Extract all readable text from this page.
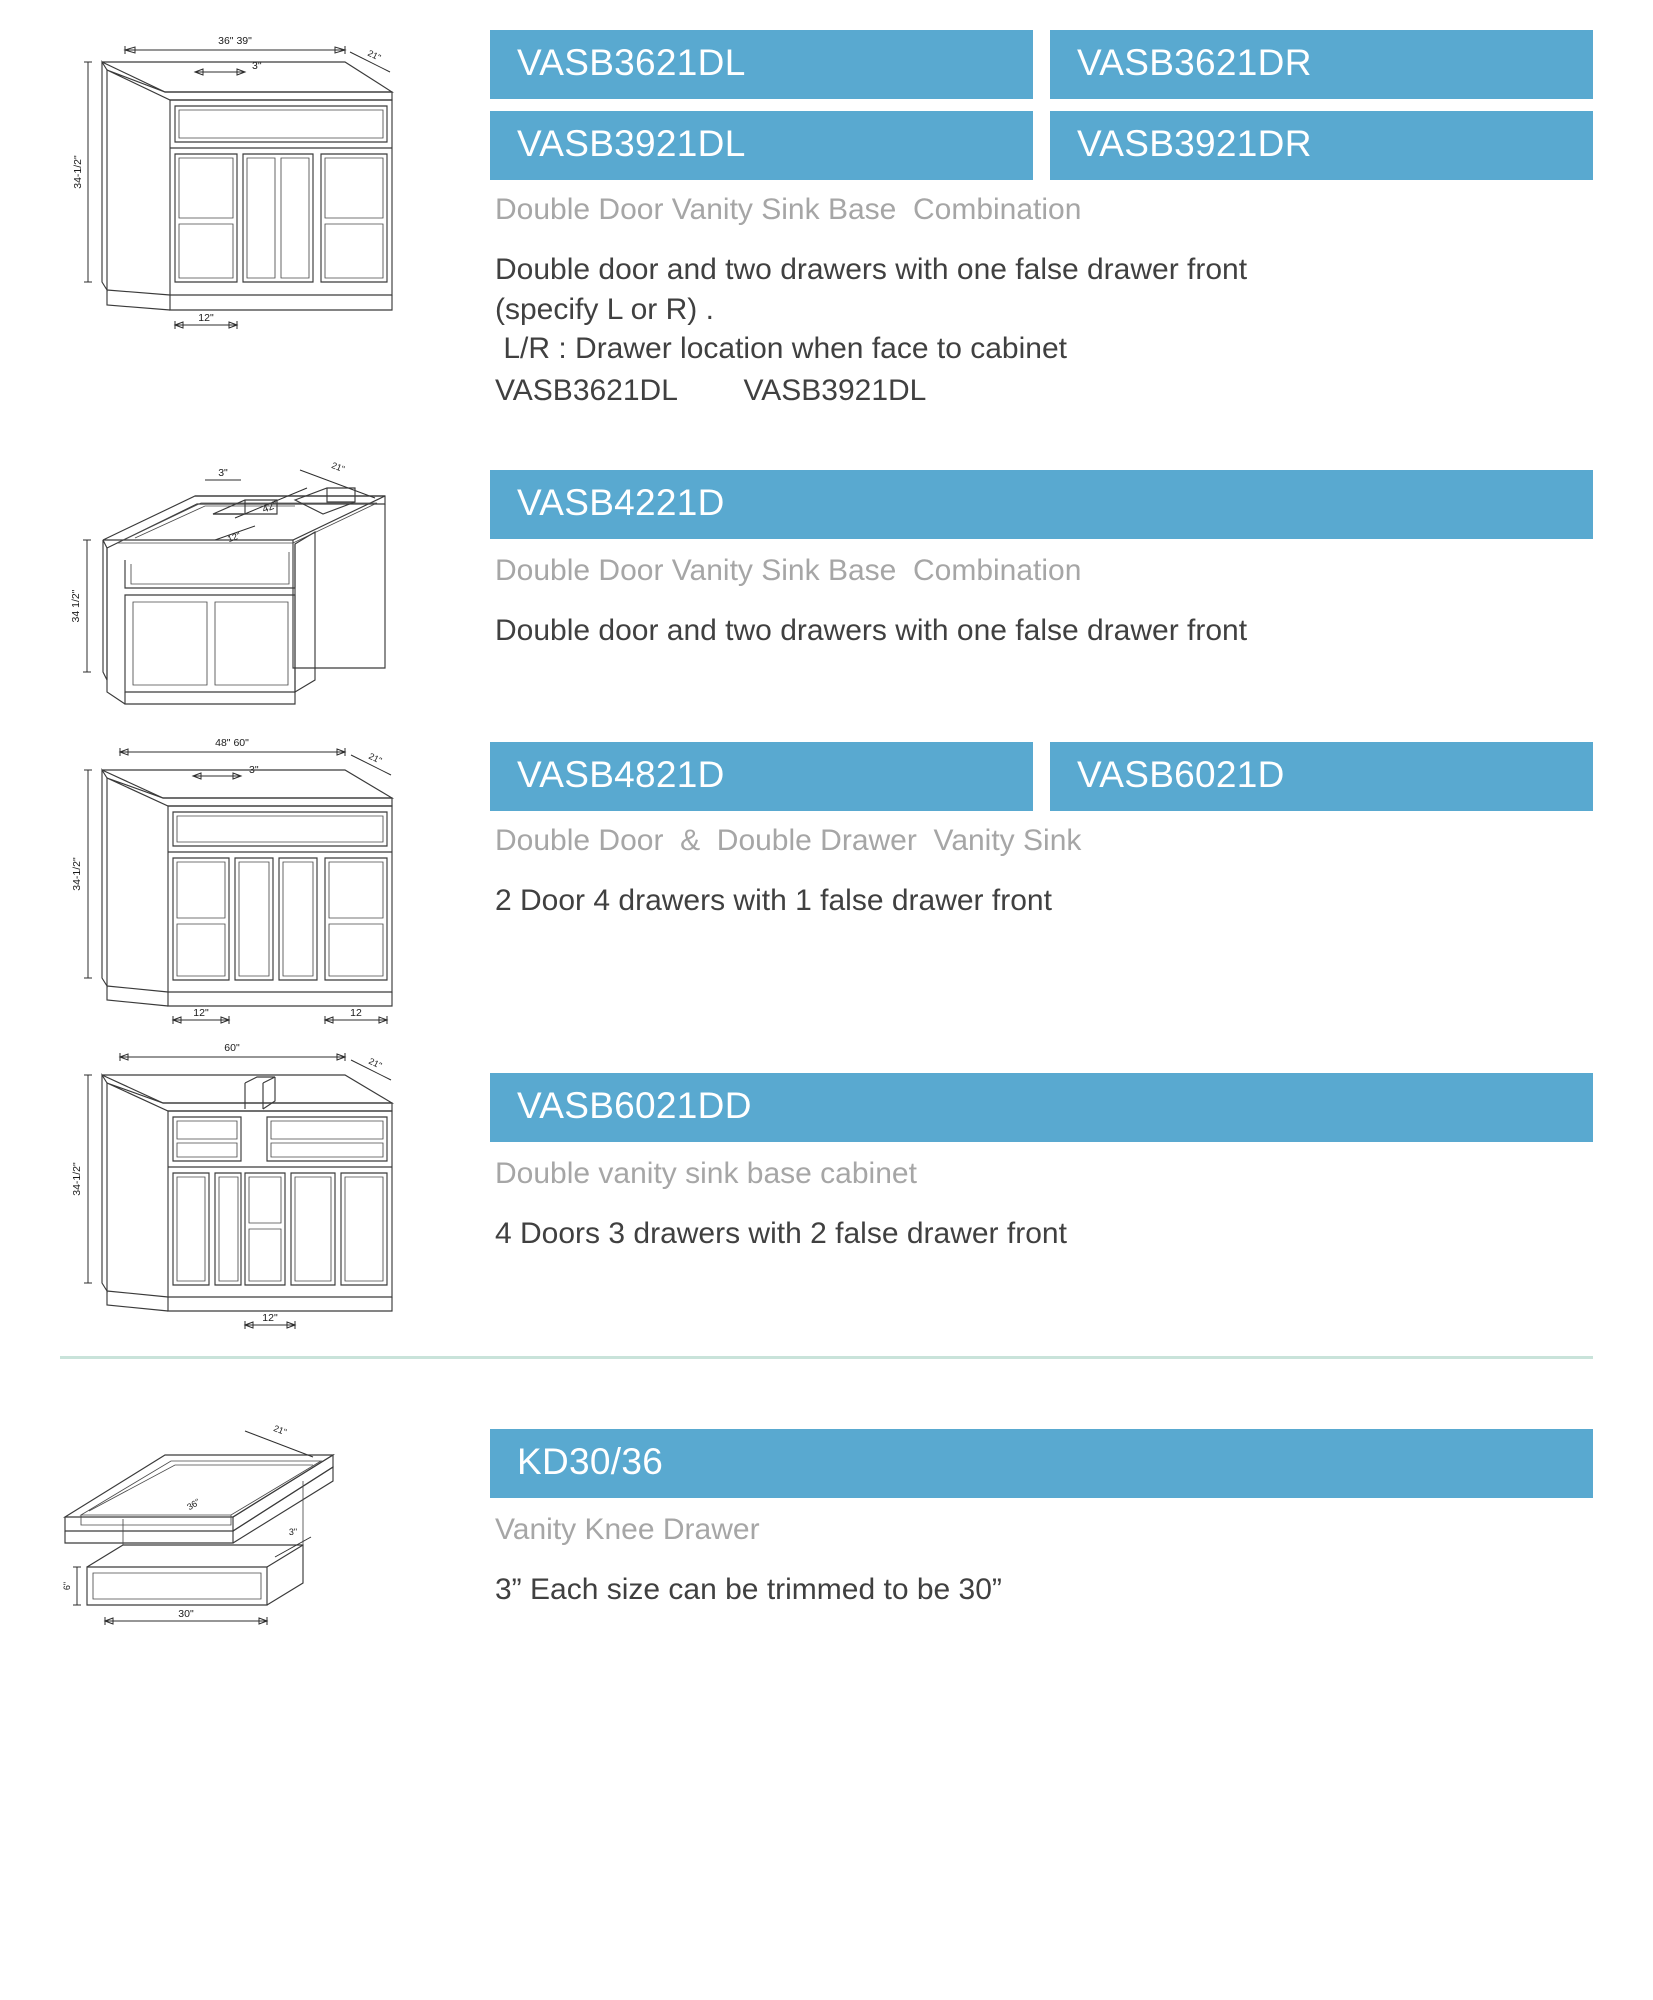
36" 39"
21"
3"
34-1/2"
12"
VASB3621DL	VASB3621DR
VASB3921DL	VASB3921DR
Double Door Vanity Sink Base  Combination
Double door and two drawers with one false drawer front
(specify L or R) .
L/R : Drawer location when face to cabinet
VASB3621DL        VASB3921DL
21"
3"
42"
12"
34 1/2"
VASB4221D
Double Door Vanity Sink Base  Combination
Double door and two drawers with one false drawer front
48" 60"
21"
3"
34-1/2"
12"	12
VASB4821D	VASB6021D
Double Door  &  Double Drawer  Vanity Sink
2 Door 4 drawers with 1 false drawer front
60"
21"
34-1/2"
12"
VASB6021DD
Double vanity sink base cabinet
4 Doors 3 drawers with 2 false drawer front
21"
36"
3"
6"
30"
KD30/36
Vanity Knee Drawer
3” Each size can be trimmed to be 30”
